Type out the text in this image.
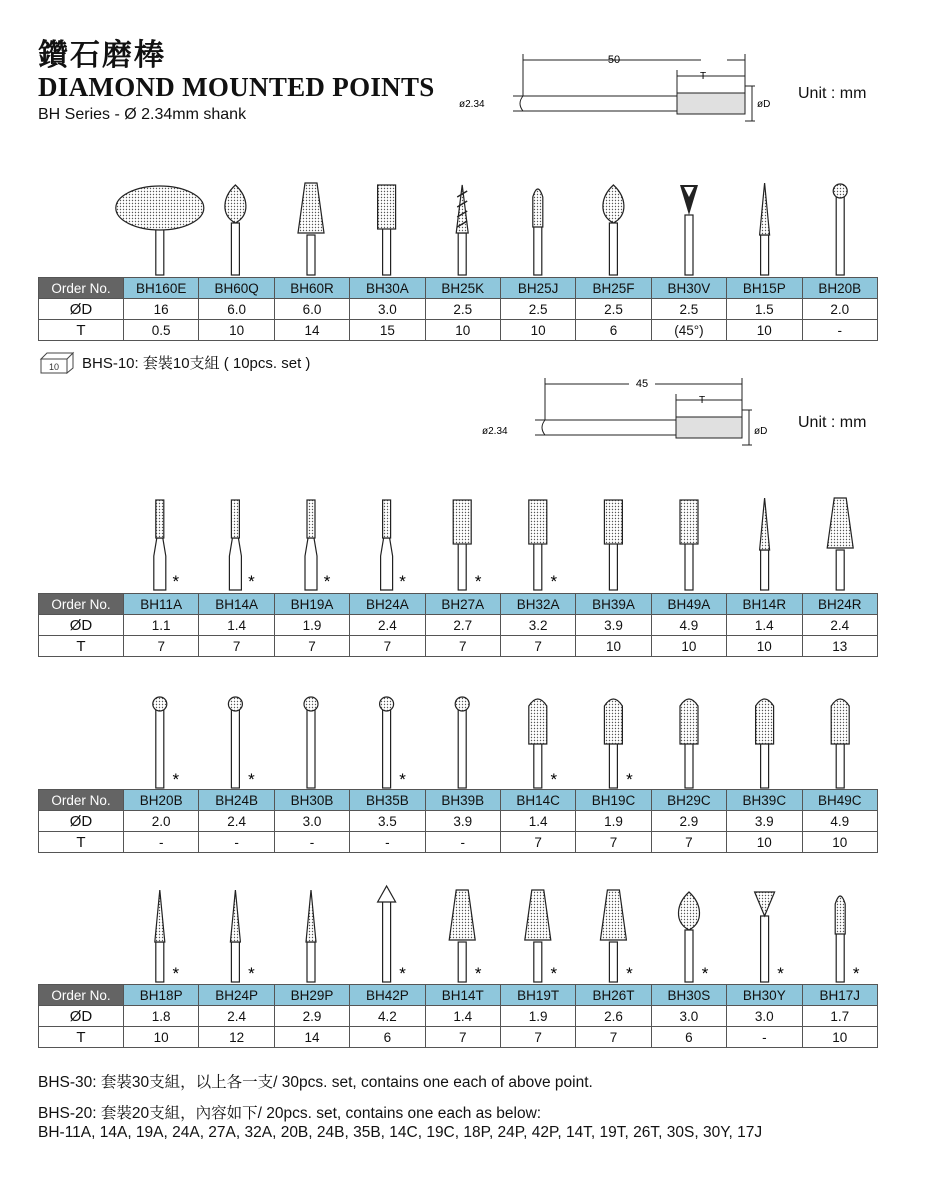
鑽石磨棒
DIAMOND MOUNTED POINTS
BH Series - Ø 2.34mm shank
50
T
ø2.34	øD
Unit : mm
Order No.	BH160E	BH60Q	BH60R	BH30A	BH25K	BH25J	BH25F	BH30V	BH15P	BH20B
ØD	16	6.0	6.0	3.0	2.5	2.5	2.5	2.5	1.5	2.0
T	0.5	10	14	15	10	10	6	(45°)	10	-
10 BHS-10: 套裝10支組 ( 10pcs. set )
45
T
ø2.34	øD
Unit : mm
*	*	*	*	*	*
Order No.	BH11A	BH14A	BH19A	BH24A	BH27A	BH32A	BH39A	BH49A	BH14R	BH24R
ØD	1.1	1.4	1.9	2.4	2.7	3.2	3.9	4.9	1.4	2.4
T	7	7	7	7	7	7	10	10	10	13
*	*	*	*	*
Order No.	BH20B	BH24B	BH30B	BH35B	BH39B	BH14C	BH19C	BH29C	BH39C	BH49C
ØD	2.0	2.4	3.0	3.5	3.9	1.4	1.9	2.9	3.9	4.9
T	-	-	-	-	-	7	7	7	10	10
*	*	*	*	*	*	*	*	*
Order No.	BH18P	BH24P	BH29P	BH42P	BH14T	BH19T	BH26T	BH30S	BH30Y	BH17J
ØD	1.8	2.4	2.9	4.2	1.4	1.9	2.6	3.0	3.0	1.7
T	10	12	14	6	7	7	7	6	-	10
BHS-30: 套裝30支組，以上各一支/ 30pcs. set, contains one each of above point.
BHS-20: 套裝20支組，內容如下/ 20pcs. set, contains one each as below:
BH-11A, 14A, 19A, 24A, 27A, 32A, 20B, 24B, 35B, 14C, 19C, 18P, 24P, 42P, 14T, 19T, 26T, 30S, 30Y, 17J
